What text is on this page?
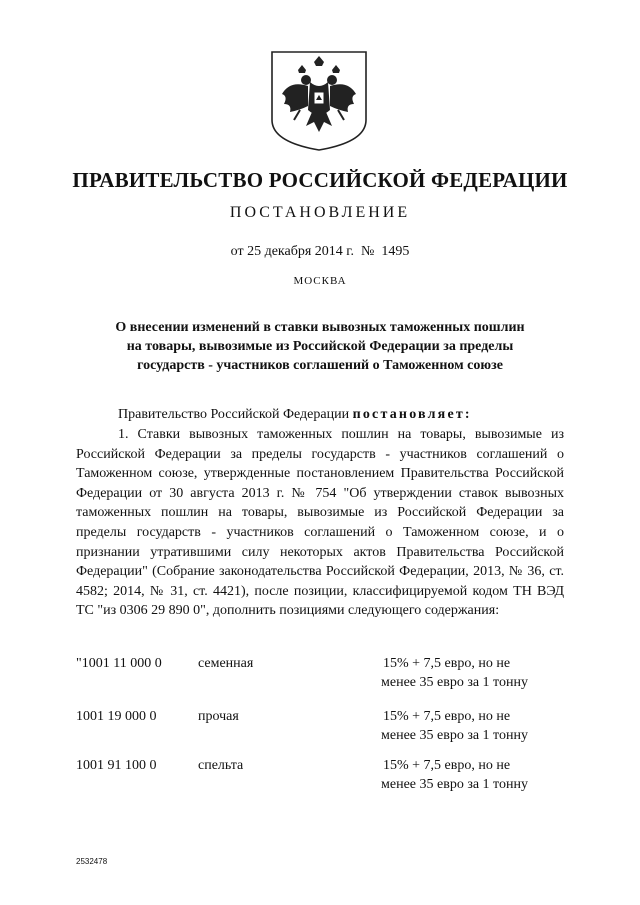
ПРАВИТЕЛЬСТВО РОССИЙСКОЙ ФЕДЕРАЦИИ
ПОСТАНОВЛЕНИЕ
от 25 декабря 2014 г. № 1495
МОСКВА
О внесении изменений в ставки вывозных таможенных пошлин
на товары, вывозимые из Российской Федерации за пределы
государств - участников соглашений о Таможенном союзе
Правительство Российской Федерации постановляет:

1. Ставки вывозных таможенных пошлин на товары, вывозимые из Российской Федерации за пределы государств - участников соглашений о Таможенном союзе, утвержденные постановлением Правительства Российской Федерации от 30 августа 2013 г. № 754 "Об утверждении ставок вывозных таможенных пошлин на товары, вывозимые из Российской Федерации за пределы государств - участников соглашений о Таможенном союзе, и о признании утратившими силу некоторых актов Правительства Российской Федерации" (Собрание законодательства Российской Федерации, 2013, № 36, ст. 4582; 2014, № 31, ст. 4421), после позиции, классифицируемой кодом ТН ВЭД ТС "из 0306 29 890 0", дополнить позициями следующего содержания:

"1001 11 000 0	семенная	15% + 7,5 евро, но не
менее 35 евро за 1 тонну
1001 19 000 0	прочая	15% + 7,5 евро, но не
менее 35 евро за 1 тонну
1001 91 100 0	спельта	15% + 7,5 евро, но не
менее 35 евро за 1 тонну
2532478
